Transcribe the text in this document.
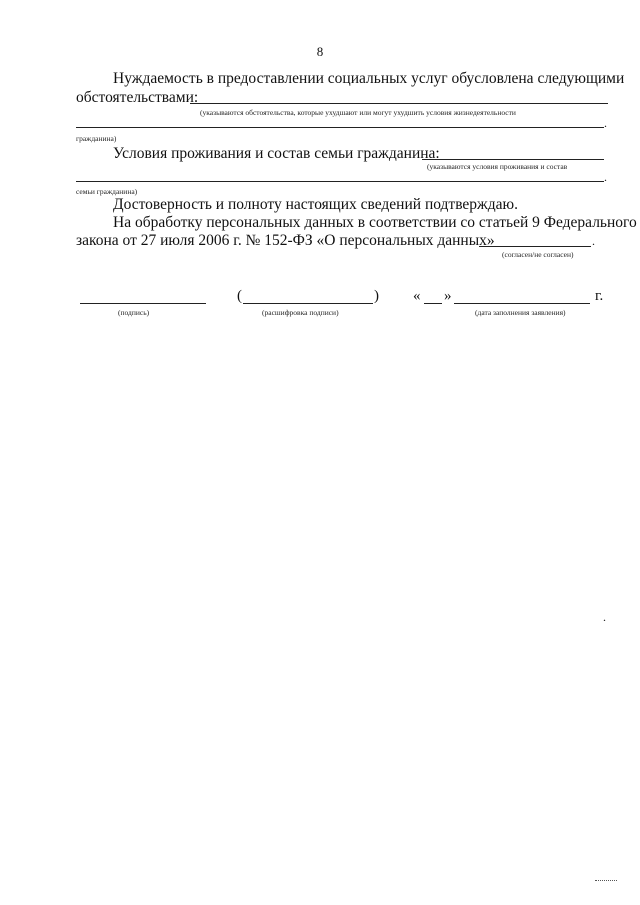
8
Нуждаемость в предоставлении социальных услуг обусловлена следующими
обстоятельствами:
(указываются обстоятельства, которые ухудшают или могут ухудшить условия жизнедеятельности
.
гражданина)
Условия проживания и состав семьи гражданина:
(указываются условия проживания и состав
.
семьи гражданина)
Достоверность и полноту настоящих сведений подтверждаю.
На обработку персональных данных в соответствии со статьей 9 Федерального
закона от 27 июля 2006 г. № 152-ФЗ «О персональных данных»	.
(согласен/не согласен)
(подпись)
(	)
(расшифровка подписи)
« »	г.
(дата заполнения заявления)
.
